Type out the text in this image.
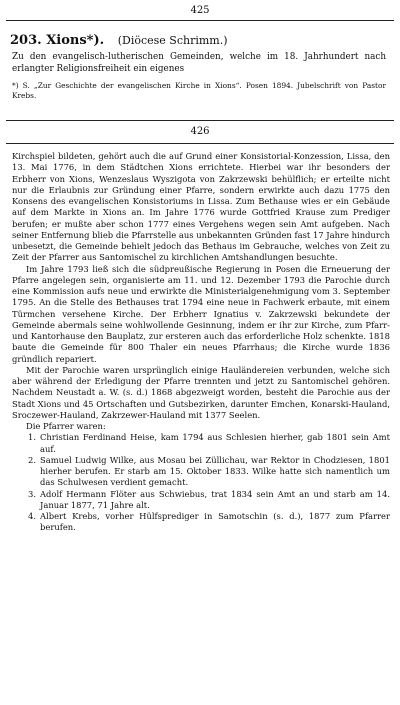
425
203. Xions*). (Diöcese Schrimm.)
Zu den evangelisch-lutherischen Gemeinden, welche im 18. Jahrhundert nach erlangter Religionsfreiheit ein eigenes
*) S. „Zur Geschichte der evangelischen Kirche in Xions“. Posen 1894. Jubelschrift von Pastor Krebs.
426

Kirchspiel bildeten, gehört auch die auf Grund einer Konsistorial-Konzession, Lissa, den 13. Mai 1776, in dem Städtchen Xions errichtete. Hierbei war ihr besonders der Erbherr von Xions, Wenzeslaus Wyszigota von Zakrzewski behülflich; er erteilte nicht nur die Erlaubnis zur Gründung einer Pfarre, sondern erwirkte auch dazu 1775 den Konsens des evangelischen Konsistoriums in Lissa. Zum Bethause wies er ein Gebäude auf dem Markte in Xions an. Im Jahre 1776 wurde Gottfried Krause zum Prediger berufen; er mußte aber schon 1777 eines Vergehens wegen sein Amt aufgeben. Nach seiner Entfernung blieb die Pfarrstelle aus unbekannten Gründen fast 17 Jahre hindurch unbesetzt, die Gemeinde behielt jedoch das Bethaus im Gebrauche, welches von Zeit zu Zeit der Pfarrer aus Santomischel zu kirchlichen Amtshandlungen besuchte.

Im Jahre 1793 ließ sich die südpreußische Regierung in Posen die Erneuerung der Pfarre angelegen sein, organisierte am 11. und 12. Dezember 1793 die Parochie durch eine Kommission aufs neue und erwirkte die Ministerialgenehmigung vom 3. September 1795. An die Stelle des Bethauses trat 1794 eine neue in Fachwerk erbaute, mit einem Türmchen versehene Kirche. Der Erbherr Ignatius v. Zakrzewski bekundete der Gemeinde abermals seine wohlwollende Gesinnung, indem er ihr zur Kirche, zum Pfarr- und Kantorhause den Bauplatz, zur ersteren auch das erforderliche Holz schenkte. 1818 baute die Gemeinde für 800 Thaler ein neues Pfarrhaus; die Kirche wurde 1836 gründlich repariert.

Mit der Parochie waren ursprünglich einige Hauländereien verbunden, welche sich aber während der Erledigung der Pfarre trennten und jetzt zu Santomischel gehören. Nachdem Neustadt a. W. (s. d.) 1868 abgezweigt worden, besteht die Parochie aus der Stadt Xions und 45 Ortschaften und Gutsbezirken, darunter Emchen, Konarski-Hauland, Sroczewer-Hauland, Zakrzewer-Hauland mit 1377 Seelen.

Die Pfarrer waren:

1. Christian Ferdinand Heise, kam 1794 aus Schlesien hierher, gab 1801 sein Amt auf.
2. Samuel Ludwig Wilke, aus Mosau bei Züllichau, war Rektor in Chodziesen, 1801 hierher berufen. Er starb am 15. Oktober 1833. Wilke hatte sich namentlich um das Schulwesen verdient gemacht.
3. Adolf Hermann Flöter aus Schwiebus, trat 1834 sein Amt an und starb am 14. Januar 1877, 71 Jahre alt.
4. Albert Krebs, vorher Hülfsprediger in Samotschin (s. d.), 1877 zum Pfarrer berufen.
